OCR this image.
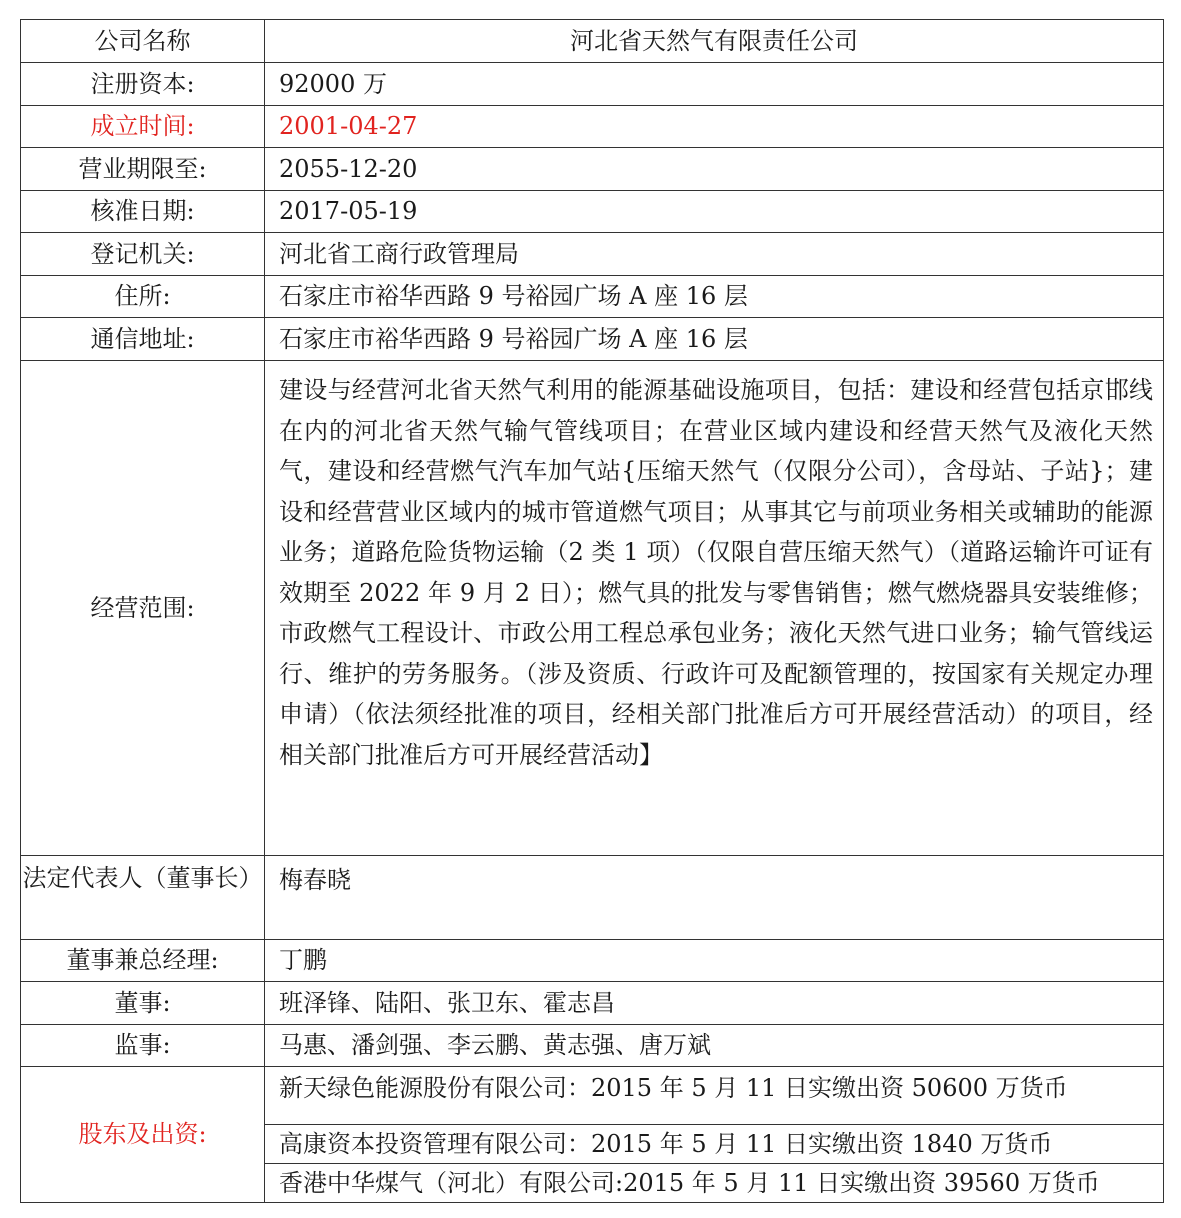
公司名称	河北省天然气有限责任公司
注册资本:	92000 万
成立时间:	2001-04-27
营业期限至:	2055-12-20
核准日期:	2017-05-19
登记机关:	河北省工商行政管理局
住所:	石家庄市裕华西路 9 号裕园广场 A 座 16 层
通信地址:	石家庄市裕华西路 9 号裕园广场 A 座 16 层
经营范围:	建设与经营河北省天然气利用的能源基础设施项目，包括：建设和经营包括京邯线在内的河北省天然气输气管线项目；在营业区域内建设和经营天然气及液化天然气，建设和经营燃气汽车加气站{压缩天然气（仅限分公司），含母站、子站}；建设和经营营业区域内的城市管道燃气项目；从事其它与前项业务相关或辅助的能源业务；道路危险货物运输（2 类 1 项）（仅限自营压缩天然气）（道路运输许可证有效期至 2022 年 9 月 2 日）；燃气具的批发与零售销售；燃气燃烧器具安装维修；市政燃气工程设计、市政公用工程总承包业务；液化天然气进口业务；输气管线运行、维护的劳务服务。（涉及资质、行政许可及配额管理的，按国家有关规定办理申请）（依法须经批准的项目，经相关部门批准后方可开展经营活动）的项目，经相关部门批准后方可开展经营活动】

法定代表人（董事长）	梅春晓
董事兼总经理:	丁鹏
董事:	班泽锋、陆阳、张卫东、霍志昌
监事:	马惠、潘剑强、李云鹏、黄志强、唐万斌
股东及出资:	新天绿色能源股份有限公司：2015 年 5 月 11 日实缴出资 50600 万货币
	高康资本投资管理有限公司：2015 年 5 月 11 日实缴出资 1840 万货币
	香港中华煤气（河北）有限公司:2015 年 5 月 11 日实缴出资 39560 万货币
